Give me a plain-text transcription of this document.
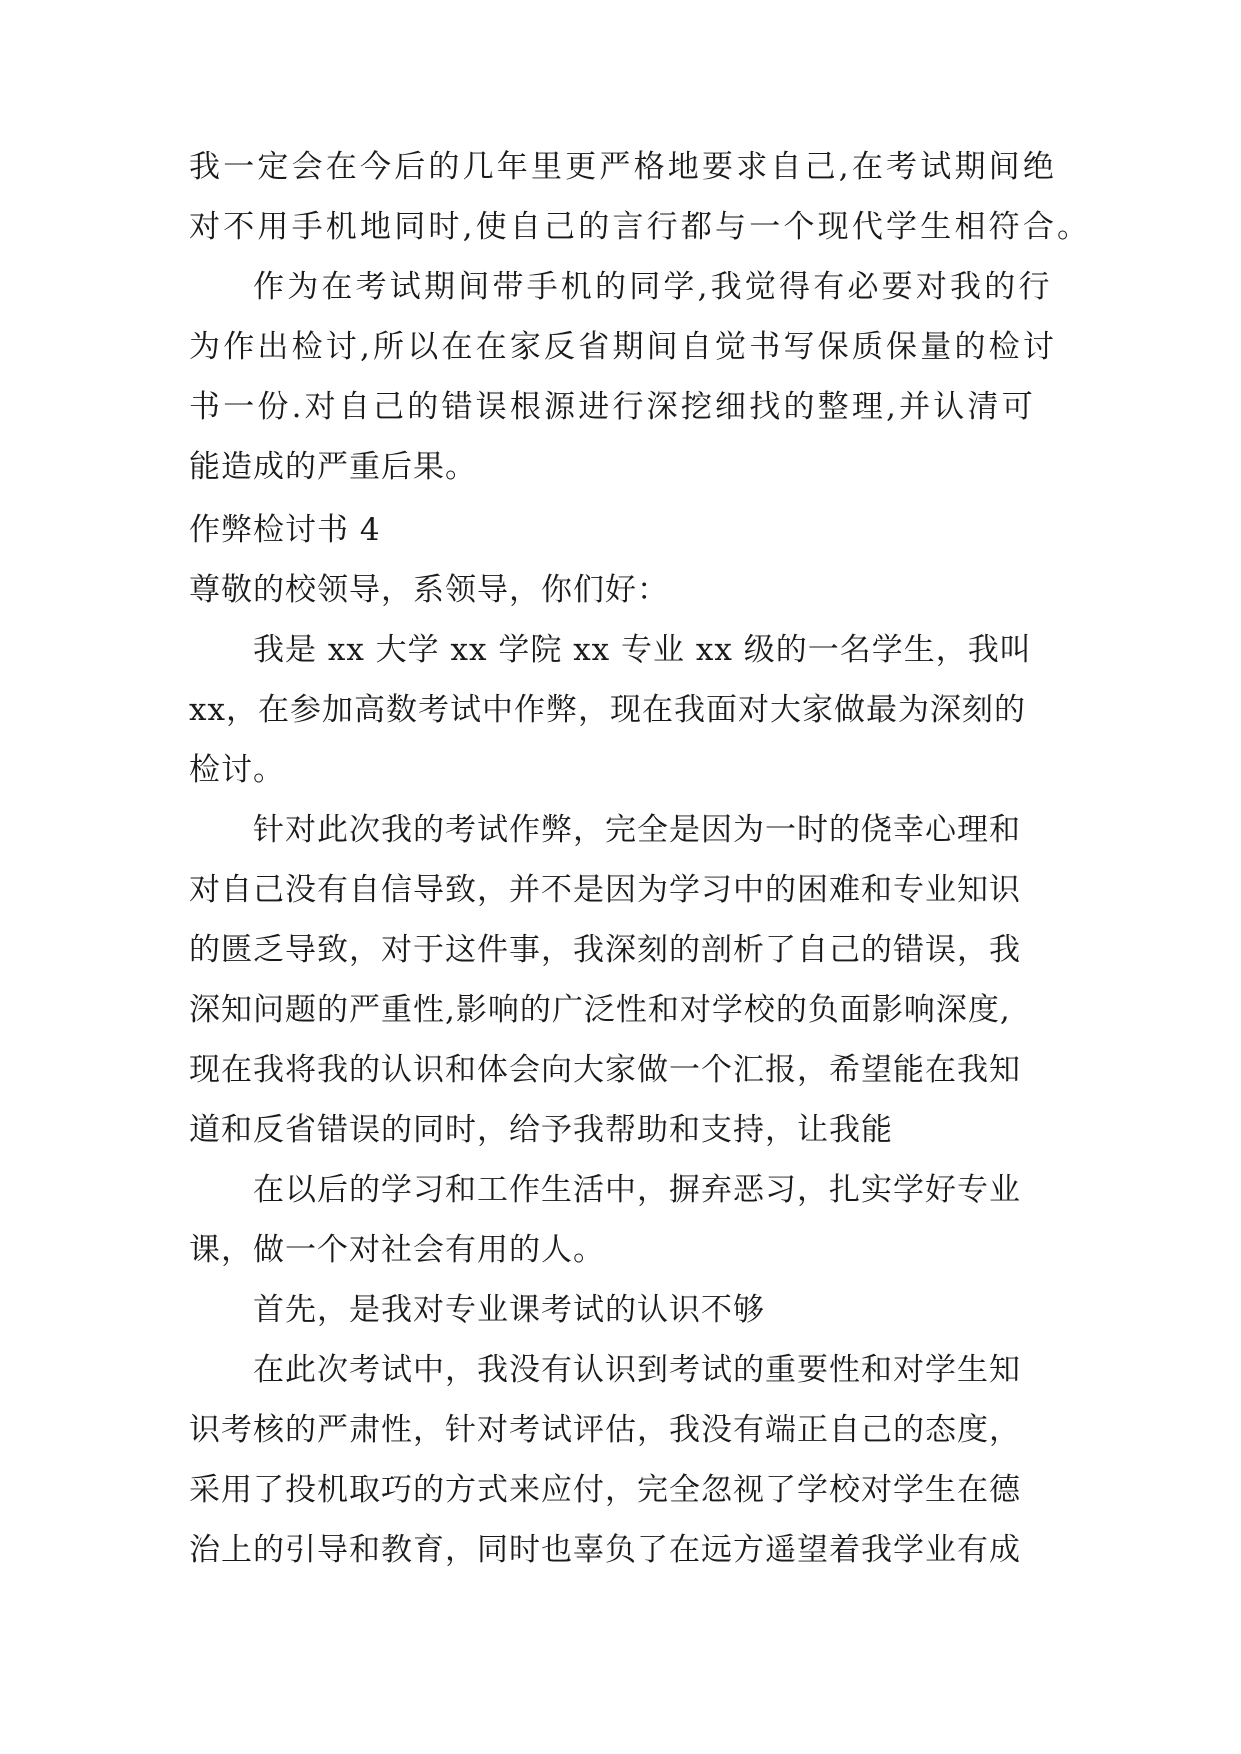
我一定会在今后的几年里更严格地要求自己,在考试期间绝
对不用手机地同时,使自己的言行都与一个现代学生相符合。
作为在考试期间带手机的同学,我觉得有必要对我的行
为作出检讨,所以在在家反省期间自觉书写保质保量的检讨
书一份.对自己的错误根源进行深挖细找的整理,并认清可
能造成的严重后果。
作弊检讨书 4
尊敬的校领导，系领导，你们好：
我是 xx 大学 xx 学院 xx 专业 xx 级的一名学生，我叫
xx，在参加高数考试中作弊，现在我面对大家做最为深刻的
检讨。
针对此次我的考试作弊，完全是因为一时的侥幸心理和
对自己没有自信导致，并不是因为学习中的困难和专业知识
的匮乏导致，对于这件事，我深刻的剖析了自己的错误，我
深知问题的严重性,影响的广泛性和对学校的负面影响深度,
现在我将我的认识和体会向大家做一个汇报，希望能在我知
道和反省错误的同时，给予我帮助和支持，让我能
在以后的学习和工作生活中，摒弃恶习，扎实学好专业
课，做一个对社会有用的人。
首先，是我对专业课考试的认识不够
在此次考试中，我没有认识到考试的重要性和对学生知
识考核的严肃性，针对考试评估，我没有端正自己的态度，
采用了投机取巧的方式来应付，完全忽视了学校对学生在德
治上的引导和教育，同时也辜负了在远方遥望着我学业有成
